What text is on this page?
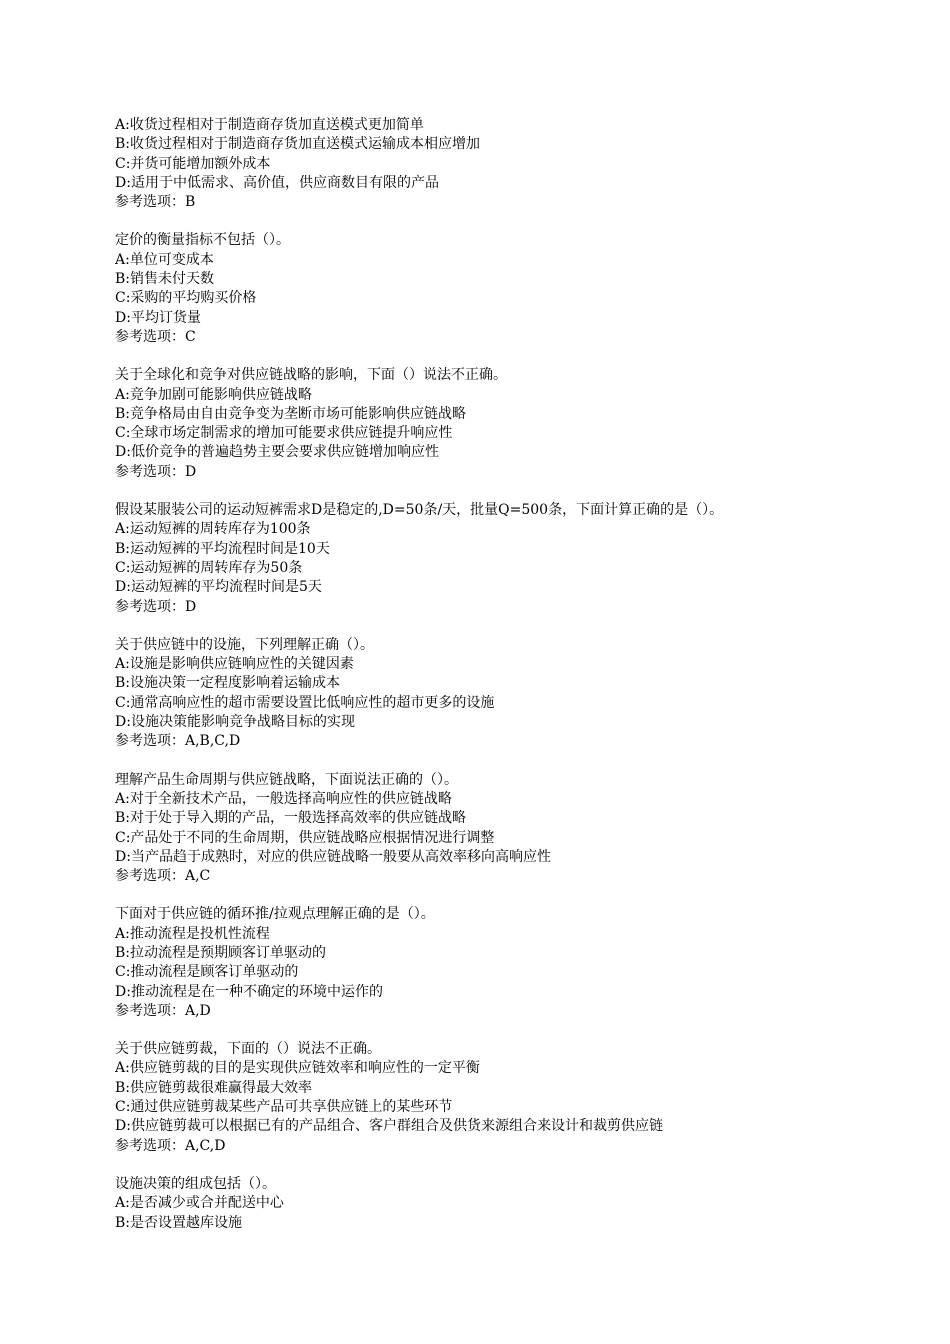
A:收货过程相对于制造商存货加直送模式更加简单
B:收货过程相对于制造商存货加直送模式运输成本相应增加
C:并货可能增加额外成本
D:适用于中低需求、高价值，供应商数目有限的产品
参考选项：B
定价的衡量指标不包括（）。
A:单位可变成本
B:销售未付天数
C:采购的平均购买价格
D:平均订货量
参考选项：C
关于全球化和竞争对供应链战略的影响，下面（）说法不正确。
A:竞争加剧可能影响供应链战略
B:竞争格局由自由竞争变为垄断市场可能影响供应链战略
C:全球市场定制需求的增加可能要求供应链提升响应性
D:低价竞争的普遍趋势主要会要求供应链增加响应性
参考选项：D
假设某服装公司的运动短裤需求D是稳定的,D=50条/天，批量Q=500条，下面计算正确的是（）。
A:运动短裤的周转库存为100条
B:运动短裤的平均流程时间是10天
C:运动短裤的周转库存为50条
D:运动短裤的平均流程时间是5天
参考选项：D
关于供应链中的设施，下列理解正确（）。
A:设施是影响供应链响应性的关键因素
B:设施决策一定程度影响着运输成本
C:通常高响应性的超市需要设置比低响应性的超市更多的设施
D:设施决策能影响竞争战略目标的实现
参考选项：A,B,C,D
理解产品生命周期与供应链战略，下面说法正确的（）。
A:对于全新技术产品，一般选择高响应性的供应链战略
B:对于处于导入期的产品，一般选择高效率的供应链战略
C:产品处于不同的生命周期，供应链战略应根据情况进行调整
D:当产品趋于成熟时，对应的供应链战略一般要从高效率移向高响应性
参考选项：A,C
下面对于供应链的循环推/拉观点理解正确的是（）。
A:推动流程是投机性流程
B:拉动流程是预期顾客订单驱动的
C:推动流程是顾客订单驱动的
D:推动流程是在一种不确定的环境中运作的
参考选项：A,D
关于供应链剪裁，下面的（）说法不正确。
A:供应链剪裁的目的是实现供应链效率和响应性的一定平衡
B:供应链剪裁很难赢得最大效率
C:通过供应链剪裁某些产品可共享供应链上的某些环节
D:供应链剪裁可以根据已有的产品组合、客户群组合及供货来源组合来设计和裁剪供应链
参考选项：A,C,D
设施决策的组成包括（）。
A:是否减少或合并配送中心
B:是否设置越库设施
